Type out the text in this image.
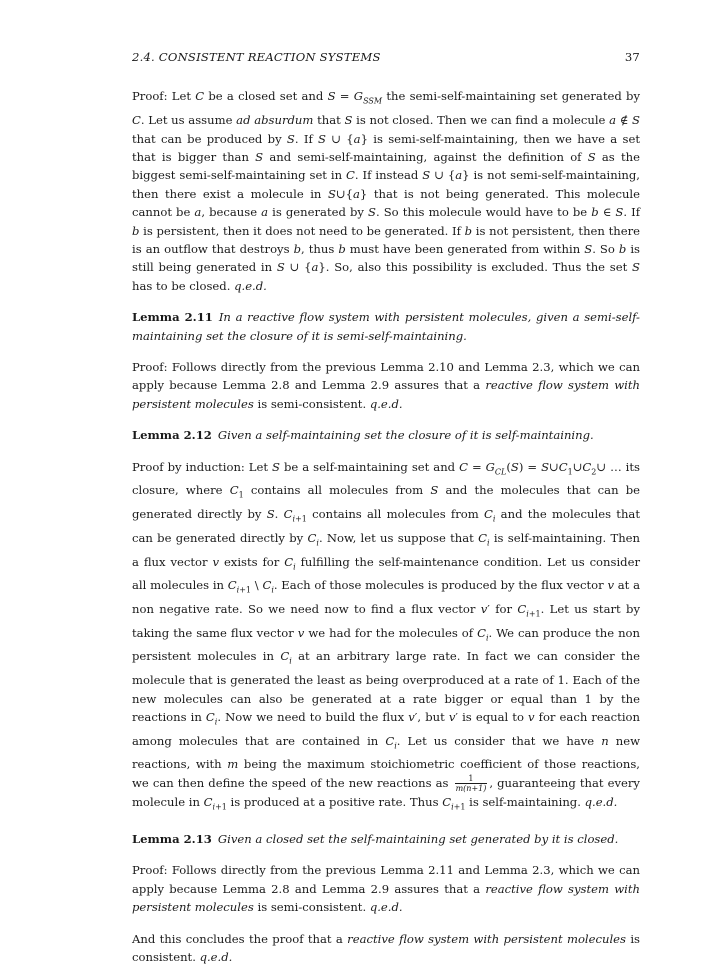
2.4. CONSISTENT REACTION SYSTEMS	37

Proof: Let C be a closed set and $S = G_{SSM}$ the semi-self-maintaining set generated by C. Let us assume ad absurdum that S is not closed. Then we can find a molecule a ∉ S that can be produced by S. If S ∪ {a} is semi-self-maintaining, then we have a set that is bigger than S and semi-self-maintaining, against the definition of S as the biggest semi-self-maintaining set in C. If instead S ∪ {a} is not semi-self-maintaining, then there exist a molecule in S∪{a} that is not being generated. This molecule cannot be a, because a is generated by S. So this molecule would have to be b ∈ S. If b is persistent, then it does not need to be generated. If b is not persistent, then there is an outflow that destroys b, thus b must have been generated from within S. So b is still being generated in S ∪ {a}. So, also this possibility is excluded. Thus the set S has to be closed. q.e.d.

Lemma 2.11 In a reactive flow system with persistent molecules, given a semi-self-maintaining set the closure of it is semi-self-maintaining.

Proof: Follows directly from the previous Lemma 2.10 and Lemma 2.3, which we can apply because Lemma 2.8 and Lemma 2.9 assures that a reactive flow system with persistent molecules is semi-consistent. q.e.d.

Lemma 2.12 Given a self-maintaining set the closure of it is self-maintaining.

Proof by induction: Let S be a self-maintaining set and $C = G_{CL}(S)$ = $S\cup C_1\cup C_2\cup$ … its closure, where $C_1$ contains all molecules from S and the molecules that can be generated directly by S. $C_{i+1}$ contains all molecules from $C_i$ and the molecules that can be generated directly by $C_i$. Now, let us suppose that $C_i$ is self-maintaining. Then a flux vector v exists for $C_i$ fulfilling the self-maintenance condition. Let us consider all molecules in $C_{i+1}$ \ $C_i$. Each of those molecules is produced by the flux vector v at a non negative rate. So we need now to find a flux vector v′ for $C_{i+1}$. Let us start by taking the same flux vector v we had for the molecules of $C_i$. We can produce the non persistent molecules in $C_i$ at an arbitrary large rate. In fact we can consider the molecule that is generated the least as being overproduced at a rate of 1. Each of the new molecules can also be generated at a rate bigger or equal than 1 by the reactions in $C_i$. Now we need to build the flux v′, but v′ is equal to v for each reaction among molecules that are contained in $C_i$. Let us consider that we have n new reactions, with m being the maximum stoichiometric coefficient of those reactions, we can then define the speed of the new reactions as $\frac{1}{m(n+1)}$ , guaranteeing that every molecule in $C_{i+1}$ is produced at a positive rate. Thus $C_{i+1}$ is self-maintaining. q.e.d.

Lemma 2.13 Given a closed set the self-maintaining set generated by it is closed.

Proof: Follows directly from the previous Lemma 2.11 and Lemma 2.3, which we can apply because Lemma 2.8 and Lemma 2.9 assures that a reactive flow system with persistent molecules is semi-consistent. q.e.d.

And this concludes the proof that a reactive flow system with persistent molecules is consistent. q.e.d.
